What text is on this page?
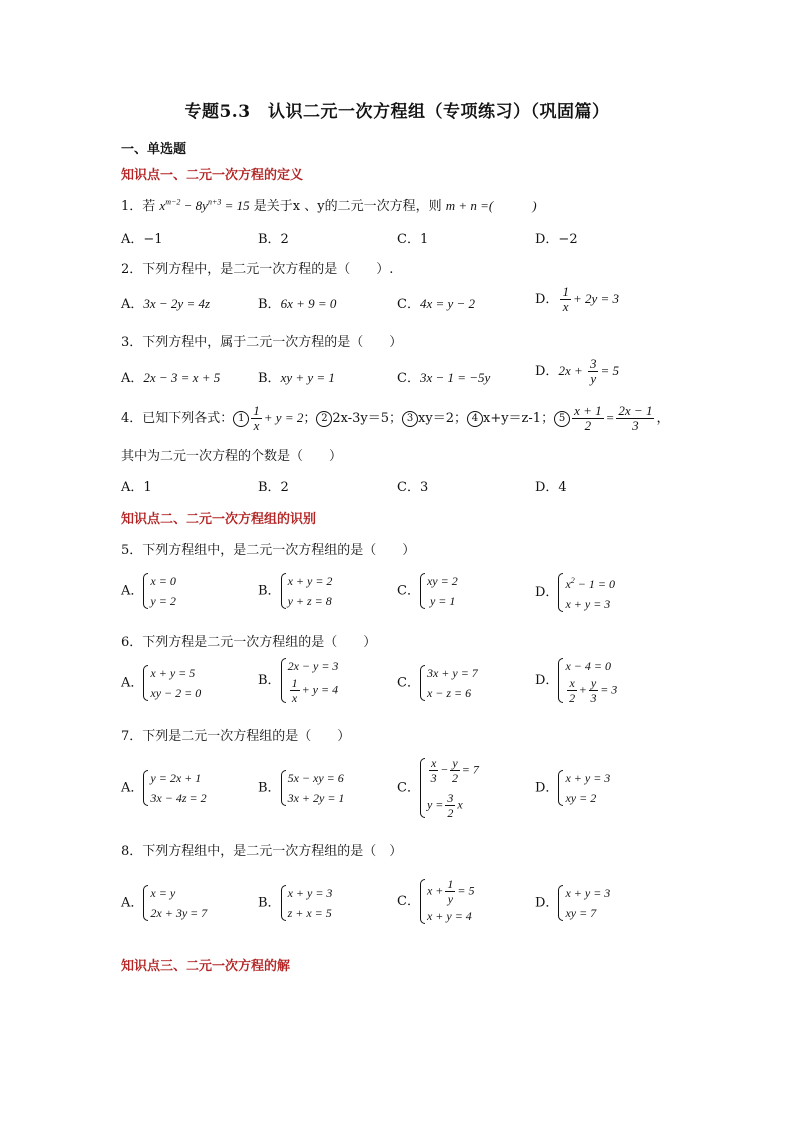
专题5.3　认识二元一次方程组（专项练习）（巩固篇）
一、单选题
知识点一、二元一次方程的定义
1．若 $x^{m-2} - 8y^{n+3} = 15$ 是关于x 、y的二元一次方程，则 m + n =(　　　)
A．−1	B．2	C．1	D．−2
2．下列方程中，是二元一次方程的是（　　）.
A．3x − 2y = 4z	B．6x + 9 = 0	C．4x = y − 2	D． $\frac{1}{x} + 2y = 3$
3．下列方程中，属于二元一次方程的是（　　）
A．2x − 3 = x + 5	B．xy + y = 1	C．3x − 1 = −5y	D．$2x + \frac{3}{y} = 5$
4．已知下列各式： $1 \frac{1}{x} + y = 2$； 2 2x-3y＝5； 3 xy＝2； 4 x+y＝z-1； $5 \frac{x + 1}{2} = \frac{2x - 1}{3}$ ，
其中为二元一次方程的个数是（　　）
A．1	B．2	C．3	D．4
知识点二、二元一次方程组的识别
5．下列方程组中，是二元一次方程组的是（　　）
A．
x = 0
y = 2
B．
x + y = 2
y + z = 8
C．
xy = 2
y = 1
D．
$x^2 - 1 = 0$
x + y = 3
6．下列方程是二元一次方程组的是（　　）
A．
x + y = 5
xy − 2 = 0
B．
2x − y = 3
$\frac{1}{x} + y = 4$	C．
3x + y = 7
x − z = 6
D．
x − 4 = 0
$\frac{x}{2} + \frac{y}{3} = 3$
7．下列是二元一次方程组的是（　　）
A．
y = 2x + 1
3x − 4z = 2
B．
5x − xy = 6
3x + 2y = 1
C．
$\frac{x}{3} - \frac{y}{2} = 7$
$y = \frac{3}{2}$ x
D．
x + y = 3
xy = 2
8．下列方程组中，是二元一次方程组的是（　）
A．
x = y
2x + 3y = 7
B．
x + y = 3
z + x = 5
C．
$x + \frac{1}{y} = 5$
x + y = 4
D．
x + y = 3
xy = 7
知识点三、二元一次方程的解
